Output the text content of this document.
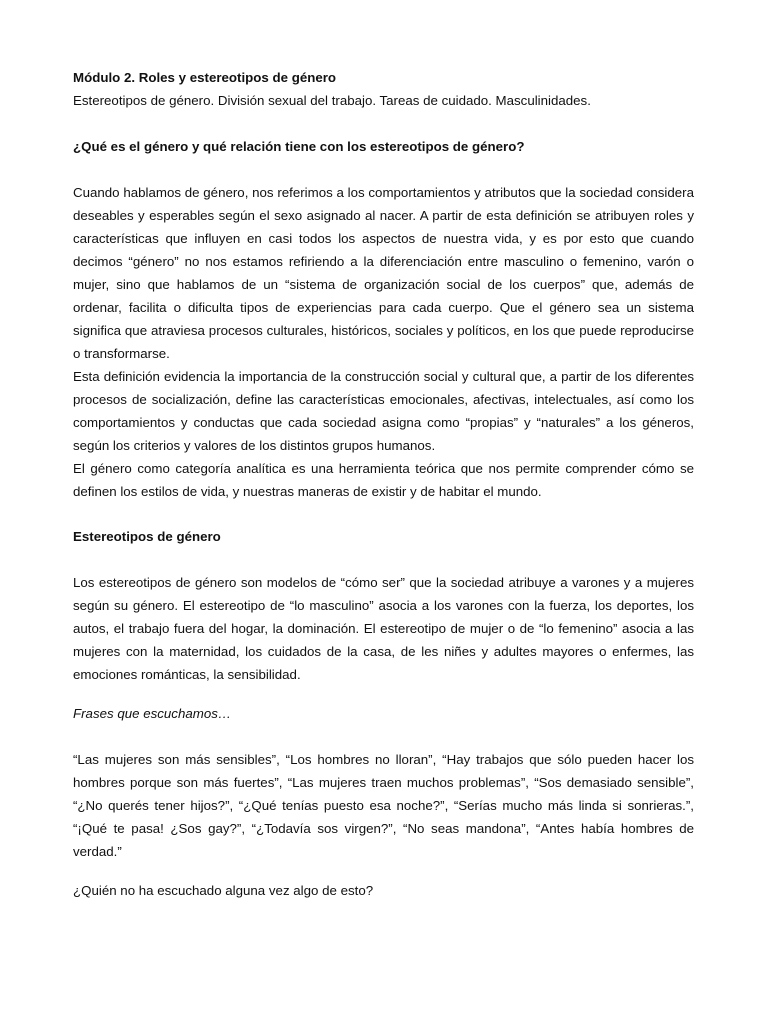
Módulo 2. Roles y estereotipos de género

Estereotipos de género. División sexual del trabajo. Tareas de cuidado. Masculinidades.

¿Qué es el género y qué relación tiene con los estereotipos de género?

Cuando hablamos de género, nos referimos a los comportamientos y atributos que la sociedad considera deseables y esperables según el sexo asignado al nacer. A partir de esta definición se atribuyen roles y características que influyen en casi todos los aspectos de nuestra vida, y es por esto que cuando decimos “género” no nos estamos refiriendo a la diferenciación entre masculino o femenino, varón o mujer, sino que hablamos de un “sistema de organización social de los cuerpos” que, además de ordenar, facilita o dificulta tipos de experiencias para cada cuerpo. Que el género sea un sistema significa que atraviesa procesos culturales, históricos, sociales y políticos, en los que puede reproducirse o transformarse.

Esta definición evidencia la importancia de la construcción social y cultural que, a partir de los diferentes procesos de socialización, define las características emocionales, afectivas, intelectuales, así como los comportamientos y conductas que cada sociedad asigna como “propias” y “naturales” a los géneros, según los criterios y valores de los distintos grupos humanos.

El género como categoría analítica es una herramienta teórica que nos permite comprender cómo se definen los estilos de vida, y nuestras maneras de existir y de habitar el mundo.

Estereotipos de género

Los estereotipos de género son modelos de “cómo ser” que la sociedad atribuye a varones y a mujeres según su género. El estereotipo de “lo masculino” asocia a los varones con la fuerza, los deportes, los autos, el trabajo fuera del hogar, la dominación. El estereotipo de mujer o de “lo femenino” asocia a las mujeres con la maternidad, los cuidados de la casa, de les niñes y adultes mayores o enfermes, las emociones románticas, la sensibilidad.

Frases que escuchamos…

“Las mujeres son más sensibles”, “Los hombres no lloran”, “Hay trabajos que sólo pueden hacer los hombres porque son más fuertes”, “Las mujeres traen muchos problemas”, “Sos demasiado sensible”, “¿No querés tener hijos?”, “¿Qué tenías puesto esa noche?”, “Serías mucho más linda si sonrieras.”, “¡Qué te pasa! ¿Sos gay?”, “¿Todavía sos virgen?”, “No seas mandona”, “Antes había hombres de verdad.”

¿Quién no ha escuchado alguna vez algo de esto?
